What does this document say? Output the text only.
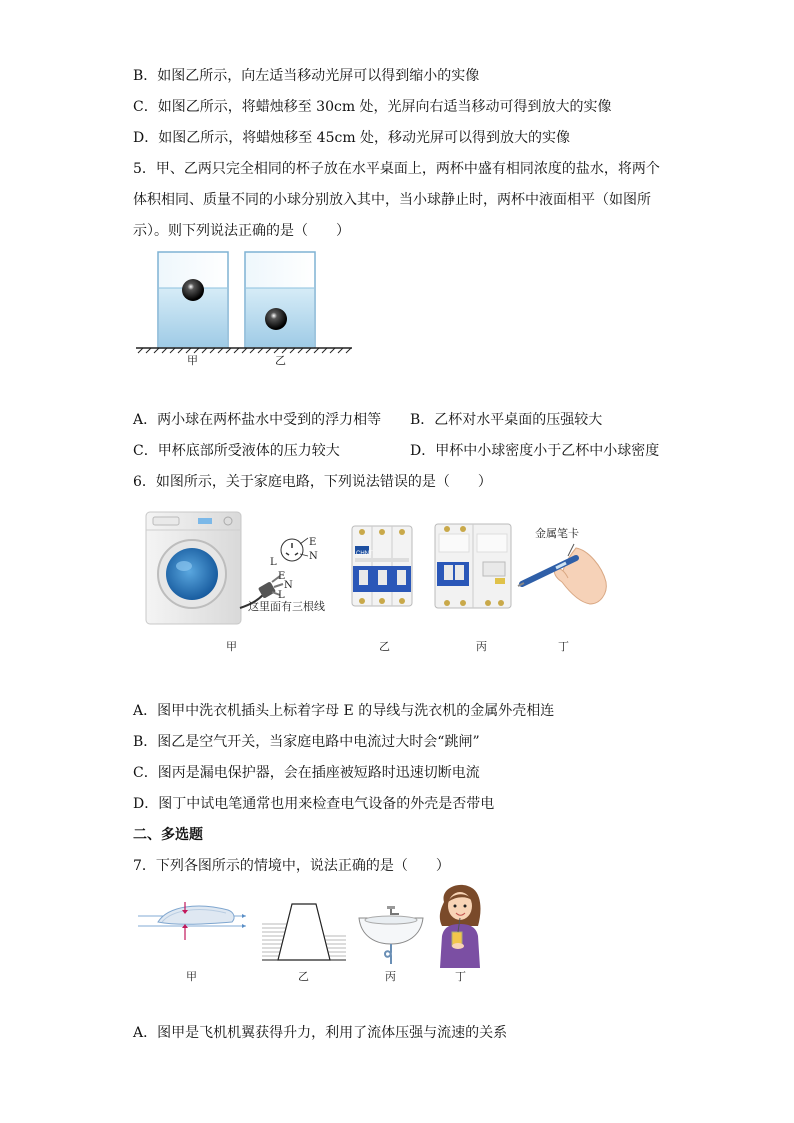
B．如图乙所示，向左适当移动光屏可以得到缩小的实像
C．如图乙所示，将蜡烛移至 30cm 处，光屏向右适当移动可得到放大的实像
D．如图乙所示，将蜡烛移至 45cm 处，移动光屏可以得到放大的实像
5．甲、乙两只完全相同的杯子放在水平桌面上，两杯中盛有相同浓度的盐水，将两个
体积相同、质量不同的小球分别放入其中，当小球静止时，两杯中液面相平（如图所
示）。则下列说法正确的是（　　）
甲	乙
A．两小球在两杯盐水中受到的浮力相等 B．乙杯对水平桌面的压强较大
C．甲杯底部所受液体的压力较大	D．甲杯中小球密度小于乙杯中小球密度
6．如图所示，关于家庭电路，下列说法错误的是（　　）
L
E
N
E
N
L
这里面有三根线
CHNT
金属笔卡
甲	乙	丙	丁
A．图甲中洗衣机插头上标着字母 E 的导线与洗衣机的金属外壳相连
B．图乙是空气开关，当家庭电路中电流过大时会“跳闸”
C．图丙是漏电保护器，会在插座被短路时迅速切断电流
D．图丁中试电笔通常也用来检查电气设备的外壳是否带电
二、多选题
7．下列各图所示的情境中，说法正确的是（　　）
甲	乙	丙	丁
A．图甲是飞机机翼获得升力，利用了流体压强与流速的关系
